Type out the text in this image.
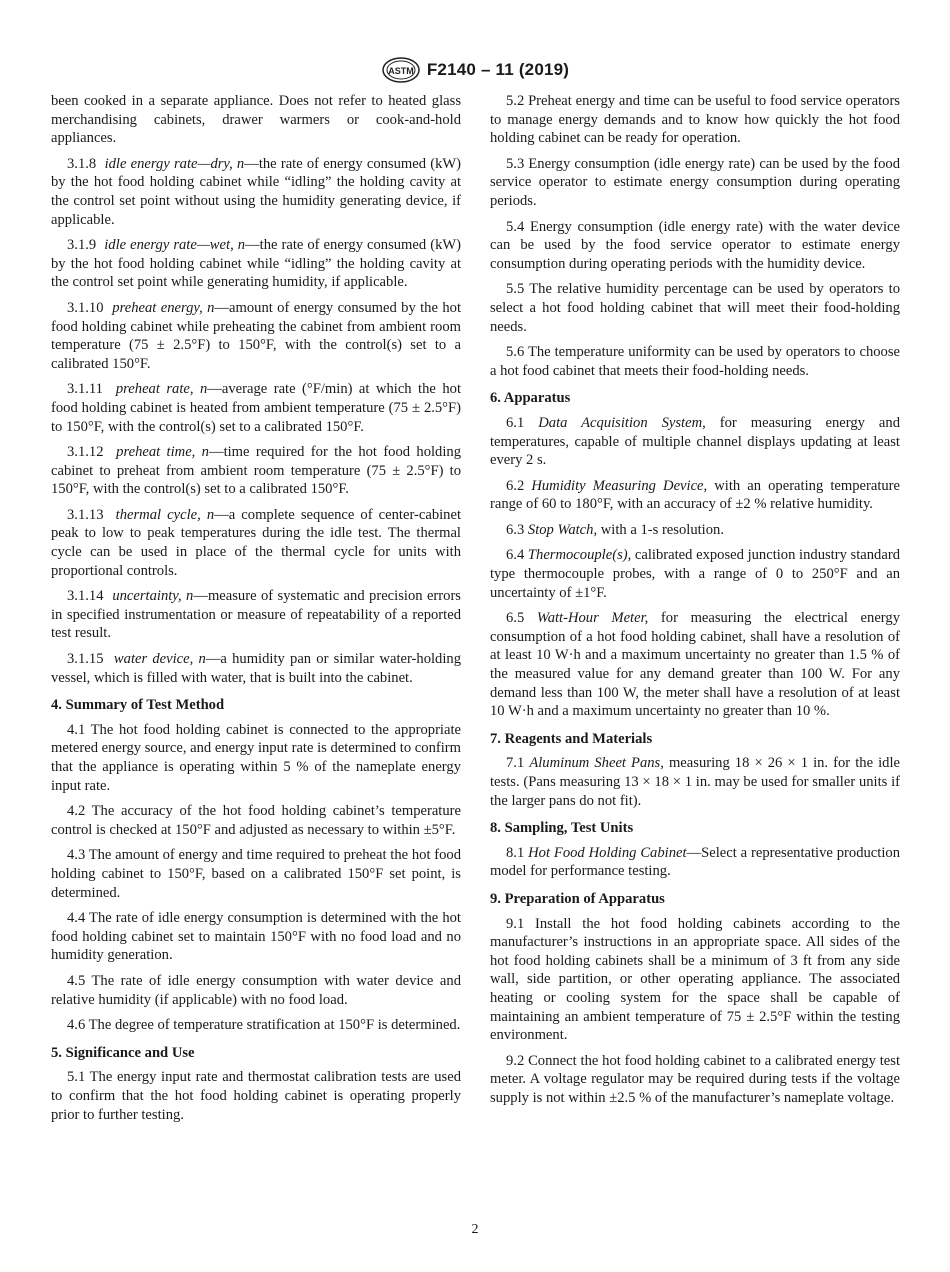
ASTM F2140 – 11 (2019)

been cooked in a separate appliance. Does not refer to heated glass merchandising cabinets, drawer warmers or cook-and-hold appliances.

3.1.8 idle energy rate—dry, n—the rate of energy consumed (kW) by the hot food holding cabinet while “idling” the holding cavity at the control set point without using the humidity generating device, if applicable.

3.1.9 idle energy rate—wet, n—the rate of energy consumed (kW) by the hot food holding cabinet while “idling” the holding cavity at the control set point while generating humidity, if applicable.

3.1.10 preheat energy, n—amount of energy consumed by the hot food holding cabinet while preheating the cabinet from ambient room temperature (75 ± 2.5°F) to 150°F, with the control(s) set to a calibrated 150°F.

3.1.11 preheat rate, n—average rate (°F/min) at which the hot food holding cabinet is heated from ambient temperature (75 ± 2.5°F) to 150°F, with the control(s) set to a calibrated 150°F.

3.1.12 preheat time, n—time required for the hot food holding cabinet to preheat from ambient room temperature (75 ± 2.5°F) to 150°F, with the control(s) set to a calibrated 150°F.

3.1.13 thermal cycle, n—a complete sequence of center-cabinet peak to low to peak temperatures during the idle test. The thermal cycle can be used in place of the thermal cycle for units with proportional controls.

3.1.14 uncertainty, n—measure of systematic and precision errors in specified instrumentation or measure of repeatability of a reported test result.

3.1.15 water device, n—a humidity pan or similar water-holding vessel, which is filled with water, that is built into the cabinet.

4. Summary of Test Method

4.1 The hot food holding cabinet is connected to the appropriate metered energy source, and energy input rate is determined to confirm that the appliance is operating within 5 % of the nameplate energy input rate.

4.2 The accuracy of the hot food holding cabinet’s temperature control is checked at 150°F and adjusted as necessary to within ±5°F.

4.3 The amount of energy and time required to preheat the hot food holding cabinet to 150°F, based on a calibrated 150°F set point, is determined.

4.4 The rate of idle energy consumption is determined with the hot food holding cabinet set to maintain 150°F with no food load and no humidity generation.

4.5 The rate of idle energy consumption with water device and relative humidity (if applicable) with no food load.

4.6 The degree of temperature stratification at 150°F is determined.

5. Significance and Use

5.1 The energy input rate and thermostat calibration tests are used to confirm that the hot food holding cabinet is operating properly prior to further testing.

5.2 Preheat energy and time can be useful to food service operators to manage energy demands and to know how quickly the hot food holding cabinet can be ready for operation.

5.3 Energy consumption (idle energy rate) can be used by the food service operator to estimate energy consumption during operating periods.

5.4 Energy consumption (idle energy rate) with the water device can be used by the food service operator to estimate energy consumption during operating periods with the humidity device.

5.5 The relative humidity percentage can be used by operators to select a hot food holding cabinet that will meet their food-holding needs.

5.6 The temperature uniformity can be used by operators to choose a hot food cabinet that meets their food-holding needs.

6. Apparatus

6.1 Data Acquisition System, for measuring energy and temperatures, capable of multiple channel displays updating at least every 2 s.

6.2 Humidity Measuring Device, with an operating temperature range of 60 to 180°F, with an accuracy of ±2 % relative humidity.

6.3 Stop Watch, with a 1-s resolution.

6.4 Thermocouple(s), calibrated exposed junction industry standard type thermocouple probes, with a range of 0 to 250°F and an uncertainty of ±1°F.

6.5 Watt-Hour Meter, for measuring the electrical energy consumption of a hot food holding cabinet, shall have a resolution of at least 10 W·h and a maximum uncertainty no greater than 1.5 % of the measured value for any demand greater than 100 W. For any demand less than 100 W, the meter shall have a resolution of at least 10 W·h and a maximum uncertainty no greater than 10 %.

7. Reagents and Materials

7.1 Aluminum Sheet Pans, measuring 18 × 26 × 1 in. for the idle tests. (Pans measuring 13 × 18 × 1 in. may be used for smaller units if the larger pans do not fit).

8. Sampling, Test Units

8.1 Hot Food Holding Cabinet—Select a representative production model for performance testing.

9. Preparation of Apparatus

9.1 Install the hot food holding cabinets according to the manufacturer’s instructions in an appropriate space. All sides of the hot food holding cabinets shall be a minimum of 3 ft from any side wall, side partition, or other operating appliance. The associated heating or cooling system for the space shall be capable of maintaining an ambient temperature of 75 ± 2.5°F within the testing environment.

9.2 Connect the hot food holding cabinet to a calibrated energy test meter. A voltage regulator may be required during tests if the voltage supply is not within ±2.5 % of the manufacturer’s nameplate voltage.

2
